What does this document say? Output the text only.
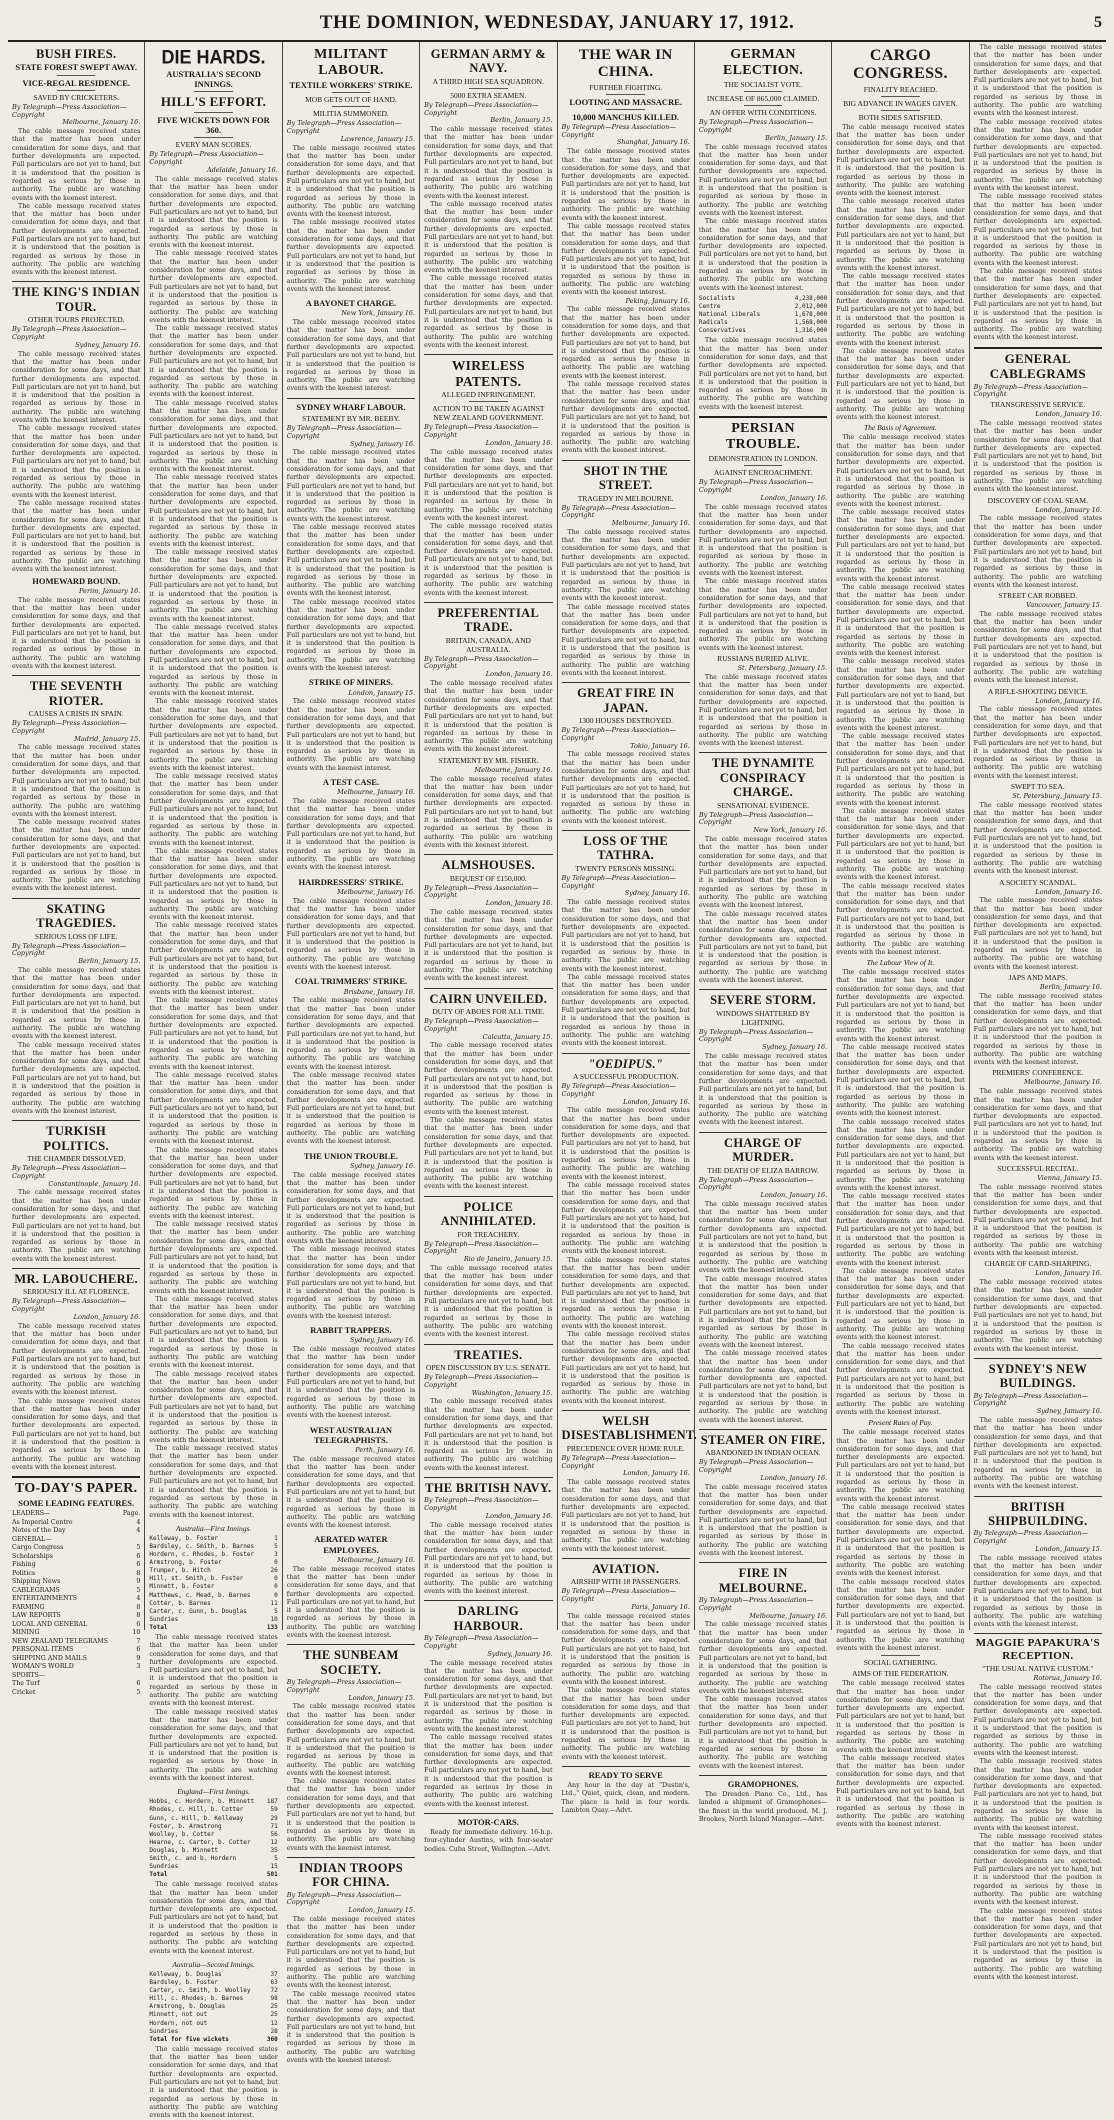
THE DOMINION, WEDNESDAY, JANUARY 17, 1912.	5
BUSH FIRES.
STATE FOREST SWEPT AWAY.
VICE-REGAL RESIDENCE.
SAVED BY CRICKETERS.
By Telegraph—Press Association—Copyright
Melbourne, January 16.

The cable message received states that the matter has been under consideration for some days, and that further developments are expected. Full particulars are not yet to hand, but it is understood that the position is regarded as serious by those in authority. The public are watching events with the keenest interest.

The cable message received states that the matter has been under consideration for some days, and that further developments are expected. Full particulars are not yet to hand, but it is understood that the position is regarded as serious by those in authority. The public are watching events with the keenest interest.

THE KING'S INDIAN TOUR.
OTHER TOURS PROJECTED.
By Telegraph—Press Association—Copyright
Sydney, January 16.

The cable message received states that the matter has been under consideration for some days, and that further developments are expected. Full particulars are not yet to hand, but it is understood that the position is regarded as serious by those in authority. The public are watching events with the keenest interest.

The cable message received states that the matter has been under consideration for some days, and that further developments are expected. Full particulars are not yet to hand, but it is understood that the position is regarded as serious by those in authority. The public are watching events with the keenest interest.

The cable message received states that the matter has been under consideration for some days, and that further developments are expected. Full particulars are not yet to hand, but it is understood that the position is regarded as serious by those in authority. The public are watching events with the keenest interest.

HOMEWARD BOUND.
Perim, January 16.

The cable message received states that the matter has been under consideration for some days, and that further developments are expected. Full particulars are not yet to hand, but it is understood that the position is regarded as serious by those in authority. The public are watching events with the keenest interest.

THE SEVENTH RIOTER.
CAUSES A CRISIS IN SPAIN.
By Telegraph—Press Association—Copyright
Madrid, January 15.

The cable message received states that the matter has been under consideration for some days, and that further developments are expected. Full particulars are not yet to hand, but it is understood that the position is regarded as serious by those in authority. The public are watching events with the keenest interest.

The cable message received states that the matter has been under consideration for some days, and that further developments are expected. Full particulars are not yet to hand, but it is understood that the position is regarded as serious by those in authority. The public are watching events with the keenest interest.

SKATING TRAGEDIES.
SERIOUS LOSS OF LIFE.
By Telegraph—Press Association—Copyright
Berlin, January 15.

The cable message received states that the matter has been under consideration for some days, and that further developments are expected. Full particulars are not yet to hand, but it is understood that the position is regarded as serious by those in authority. The public are watching events with the keenest interest.

The cable message received states that the matter has been under consideration for some days, and that further developments are expected. Full particulars are not yet to hand, but it is understood that the position is regarded as serious by those in authority. The public are watching events with the keenest interest.

TURKISH POLITICS.
THE CHAMBER DISSOLVED.
By Telegraph—Press Association—Copyright
Constantinople, January 16.

The cable message received states that the matter has been under consideration for some days, and that further developments are expected. Full particulars are not yet to hand, but it is understood that the position is regarded as serious by those in authority. The public are watching events with the keenest interest.

MR. LABOUCHERE.
SERIOUSLY ILL AT FLORENCE.
By Telegraph—Press Association—Copyright
London, January 16.

The cable message received states that the matter has been under consideration for some days, and that further developments are expected. Full particulars are not yet to hand, but it is understood that the position is regarded as serious by those in authority. The public are watching events with the keenest interest.

The cable message received states that the matter has been under consideration for some days, and that further developments are expected. Full particulars are not yet to hand, but it is understood that the position is regarded as serious by those in authority. The public are watching events with the keenest interest.

TO-DAY'S PAPER.
SOME LEADING FEATURES.
LEADERS—	Page.
As Imperial Centre	4
Notes of the Day	4
GENERAL—
Cargo Congress	5
Scholarships	6
Fishing	6
Politics	8
Shipping News	9
CABLEGRAMS	5
ENTERTAINMENTS	4
FARMING	8
LAW REPORTS	8
LOCAL AND GENERAL	6
MINING	10
NEW ZEALAND TELEGRAMS	7
PERSONAL ITEMS	6
SHIPPING AND MAILS	9
WOMAN'S WORLD	3
SPORTS—
The Turf	6
Cricket	5
DIE HARDS.
AUSTRALIA'S SECOND INNINGS.
HILL'S EFFORT.
FIVE WICKETS DOWN FOR 360.
EVERY MAN SCORES.
By Telegraph—Press Association—Copyright
Adelaide, January 16.

The cable message received states that the matter has been under consideration for some days, and that further developments are expected. Full particulars are not yet to hand, but it is understood that the position is regarded as serious by those in authority. The public are watching events with the keenest interest.

The cable message received states that the matter has been under consideration for some days, and that further developments are expected. Full particulars are not yet to hand, but it is understood that the position is regarded as serious by those in authority. The public are watching events with the keenest interest.

The cable message received states that the matter has been under consideration for some days, and that further developments are expected. Full particulars are not yet to hand, but it is understood that the position is regarded as serious by those in authority. The public are watching events with the keenest interest.

The cable message received states that the matter has been under consideration for some days, and that further developments are expected. Full particulars are not yet to hand, but it is understood that the position is regarded as serious by those in authority. The public are watching events with the keenest interest.

The cable message received states that the matter has been under consideration for some days, and that further developments are expected. Full particulars are not yet to hand, but it is understood that the position is regarded as serious by those in authority. The public are watching events with the keenest interest.

The cable message received states that the matter has been under consideration for some days, and that further developments are expected. Full particulars are not yet to hand, but it is understood that the position is regarded as serious by those in authority. The public are watching events with the keenest interest.

The cable message received states that the matter has been under consideration for some days, and that further developments are expected. Full particulars are not yet to hand, but it is understood that the position is regarded as serious by those in authority. The public are watching events with the keenest interest.

The cable message received states that the matter has been under consideration for some days, and that further developments are expected. Full particulars are not yet to hand, but it is understood that the position is regarded as serious by those in authority. The public are watching events with the keenest interest.

The cable message received states that the matter has been under consideration for some days, and that further developments are expected. Full particulars are not yet to hand, but it is understood that the position is regarded as serious by those in authority. The public are watching events with the keenest interest.

The cable message received states that the matter has been under consideration for some days, and that further developments are expected. Full particulars are not yet to hand, but it is understood that the position is regarded as serious by those in authority. The public are watching events with the keenest interest.

The cable message received states that the matter has been under consideration for some days, and that further developments are expected. Full particulars are not yet to hand, but it is understood that the position is regarded as serious by those in authority. The public are watching events with the keenest interest.

The cable message received states that the matter has been under consideration for some days, and that further developments are expected. Full particulars are not yet to hand, but it is understood that the position is regarded as serious by those in authority. The public are watching events with the keenest interest.

The cable message received states that the matter has been under consideration for some days, and that further developments are expected. Full particulars are not yet to hand, but it is understood that the position is regarded as serious by those in authority. The public are watching events with the keenest interest.

The cable message received states that the matter has been under consideration for some days, and that further developments are expected. Full particulars are not yet to hand, but it is understood that the position is regarded as serious by those in authority. The public are watching events with the keenest interest.

The cable message received states that the matter has been under consideration for some days, and that further developments are expected. Full particulars are not yet to hand, but it is understood that the position is regarded as serious by those in authority. The public are watching events with the keenest interest.

The cable message received states that the matter has been under consideration for some days, and that further developments are expected. Full particulars are not yet to hand, but it is understood that the position is regarded as serious by those in authority. The public are watching events with the keenest interest.

The cable message received states that the matter has been under consideration for some days, and that further developments are expected. Full particulars are not yet to hand, but it is understood that the position is regarded as serious by those in authority. The public are watching events with the keenest interest.

The cable message received states that the matter has been under consideration for some days, and that further developments are expected. Full particulars are not yet to hand, but it is understood that the position is regarded as serious by those in authority. The public are watching events with the keenest interest.

Australia—First Innings.
Kelleway, b. Foster	1
Bardsley, c. Smith, b. Barnes	5
Hordern, c. Rhodes, b. Foster	3
Armstrong, b. Foster	0
Trumper, b. Hitch	26
Hill, st. Smith, b. Foster	0
Minnett, b. Foster	0
Matthews, c. Mead, b. Barnes	0
Cotter, b. Barnes	11
Carter, c. Gunn, b. Douglas	5
Sundries	10
Total	133

The cable message received states that the matter has been under consideration for some days, and that further developments are expected. Full particulars are not yet to hand, but it is understood that the position is regarded as serious by those in authority. The public are watching events with the keenest interest.

The cable message received states that the matter has been under consideration for some days, and that further developments are expected. Full particulars are not yet to hand, but it is understood that the position is regarded as serious by those in authority. The public are watching events with the keenest interest.

England—First Innings.
Hobbs, c. Hordern, b. Minnett 187
Rhodes, c. Hill, b. Cotter	59
Gunn, c. Hill, b. Kelleway	29
Foster, b. Armstrong	71
Woolley, b. Cotter	56
Hearne, c. Carter, b. Cotter	12
Douglas, b. Minnett	35
Smith, c. and b. Hordern	5
Sundries	15
Total	501

The cable message received states that the matter has been under consideration for some days, and that further developments are expected. Full particulars are not yet to hand, but it is understood that the position is regarded as serious by those in authority. The public are watching events with the keenest interest.

Australia—Second Innings.
Kelleway, b. Douglas	37
Bardsley, b. Foster	63
Carter, c. Smith, b. Woolley	72
Hill, c. Rhodes, b. Barnes	98
Armstrong, b. Douglas	25
Minnett, not out	25
Hordern, not out	12
Sundries	28
Total for five wickets	360

The cable message received states that the matter has been under consideration for some days, and that further developments are expected. Full particulars are not yet to hand, but it is understood that the position is regarded as serious by those in authority. The public are watching events with the keenest interest.

MILITANT LABOUR.
TEXTILE WORKERS' STRIKE.
MOB GETS OUT OF HAND.
MILITIA SUMMONED.
By Telegraph—Press Association—Copyright
Lawrence, January 15.

The cable message received states that the matter has been under consideration for some days, and that further developments are expected. Full particulars are not yet to hand, but it is understood that the position is regarded as serious by those in authority. The public are watching events with the keenest interest.

The cable message received states that the matter has been under consideration for some days, and that further developments are expected. Full particulars are not yet to hand, but it is understood that the position is regarded as serious by those in authority. The public are watching events with the keenest interest.

A BAYONET CHARGE.
New York, January 16.

The cable message received states that the matter has been under consideration for some days, and that further developments are expected. Full particulars are not yet to hand, but it is understood that the position is regarded as serious by those in authority. The public are watching events with the keenest interest.

SYDNEY WHARF LABOUR.
STATEMENT BY MR. BEEBY.
By Telegraph—Press Association—Copyright
Sydney, January 16.

The cable message received states that the matter has been under consideration for some days, and that further developments are expected. Full particulars are not yet to hand, but it is understood that the position is regarded as serious by those in authority. The public are watching events with the keenest interest.

The cable message received states that the matter has been under consideration for some days, and that further developments are expected. Full particulars are not yet to hand, but it is understood that the position is regarded as serious by those in authority. The public are watching events with the keenest interest.

The cable message received states that the matter has been under consideration for some days, and that further developments are expected. Full particulars are not yet to hand, but it is understood that the position is regarded as serious by those in authority. The public are watching events with the keenest interest.

STRIKE OF MINERS.
London, January 15.

The cable message received states that the matter has been under consideration for some days, and that further developments are expected. Full particulars are not yet to hand, but it is understood that the position is regarded as serious by those in authority. The public are watching events with the keenest interest.

A TEST CASE.
Melbourne, January 16.

The cable message received states that the matter has been under consideration for some days, and that further developments are expected. Full particulars are not yet to hand, but it is understood that the position is regarded as serious by those in authority. The public are watching events with the keenest interest.

HAIRDRESSERS' STRIKE.
Melbourne, January 16.

The cable message received states that the matter has been under consideration for some days, and that further developments are expected. Full particulars are not yet to hand, but it is understood that the position is regarded as serious by those in authority. The public are watching events with the keenest interest.

COAL TRIMMERS' STRIKE.
Brisbane, January 16.

The cable message received states that the matter has been under consideration for some days, and that further developments are expected. Full particulars are not yet to hand, but it is understood that the position is regarded as serious by those in authority. The public are watching events with the keenest interest.

The cable message received states that the matter has been under consideration for some days, and that further developments are expected. Full particulars are not yet to hand, but it is understood that the position is regarded as serious by those in authority. The public are watching events with the keenest interest.

THE UNION TROUBLE.
Sydney, January 16.

The cable message received states that the matter has been under consideration for some days, and that further developments are expected. Full particulars are not yet to hand, but it is understood that the position is regarded as serious by those in authority. The public are watching events with the keenest interest.

The cable message received states that the matter has been under consideration for some days, and that further developments are expected. Full particulars are not yet to hand, but it is understood that the position is regarded as serious by those in authority. The public are watching events with the keenest interest.

RABBIT TRAPPERS.
Sydney, January 16.

The cable message received states that the matter has been under consideration for some days, and that further developments are expected. Full particulars are not yet to hand, but it is understood that the position is regarded as serious by those in authority. The public are watching events with the keenest interest.

WEST AUSTRALIAN TELEGRAPHISTS.
Perth, January 16.

The cable message received states that the matter has been under consideration for some days, and that further developments are expected. Full particulars are not yet to hand, but it is understood that the position is regarded as serious by those in authority. The public are watching events with the keenest interest.

AERATED WATER EMPLOYEES.
Melbourne, January 16.

The cable message received states that the matter has been under consideration for some days, and that further developments are expected. Full particulars are not yet to hand, but it is understood that the position is regarded as serious by those in authority. The public are watching events with the keenest interest.

THE SUNBEAM SOCIETY.
By Telegraph—Press Association—Copyright
London, January 15.

The cable message received states that the matter has been under consideration for some days, and that further developments are expected. Full particulars are not yet to hand, but it is understood that the position is regarded as serious by those in authority. The public are watching events with the keenest interest.

The cable message received states that the matter has been under consideration for some days, and that further developments are expected. Full particulars are not yet to hand, but it is understood that the position is regarded as serious by those in authority. The public are watching events with the keenest interest.

INDIAN TROOPS FOR CHINA.
By Telegraph—Press Association—Copyright
London, January 15.

The cable message received states that the matter has been under consideration for some days, and that further developments are expected. Full particulars are not yet to hand, but it is understood that the position is regarded as serious by those in authority. The public are watching events with the keenest interest.

The cable message received states that the matter has been under consideration for some days, and that further developments are expected. Full particulars are not yet to hand, but it is understood that the position is regarded as serious by those in authority. The public are watching events with the keenest interest.

GERMAN ARMY & NAVY.
A THIRD HIGH SEA SQUADRON.
5000 EXTRA SEAMEN.
By Telegraph—Press Association—Copyright
Berlin, January 15.

The cable message received states that the matter has been under consideration for some days, and that further developments are expected. Full particulars are not yet to hand, but it is understood that the position is regarded as serious by those in authority. The public are watching events with the keenest interest.

The cable message received states that the matter has been under consideration for some days, and that further developments are expected. Full particulars are not yet to hand, but it is understood that the position is regarded as serious by those in authority. The public are watching events with the keenest interest.

The cable message received states that the matter has been under consideration for some days, and that further developments are expected. Full particulars are not yet to hand, but it is understood that the position is regarded as serious by those in authority. The public are watching events with the keenest interest.

WIRELESS PATENTS.
ALLEGED INFRINGEMENT.
ACTION TO BE TAKEN AGAINST NEW ZEALAND GOVERNMENT.
By Telegraph—Press Association—Copyright
London, January 16.

The cable message received states that the matter has been under consideration for some days, and that further developments are expected. Full particulars are not yet to hand, but it is understood that the position is regarded as serious by those in authority. The public are watching events with the keenest interest.

The cable message received states that the matter has been under consideration for some days, and that further developments are expected. Full particulars are not yet to hand, but it is understood that the position is regarded as serious by those in authority. The public are watching events with the keenest interest.

PREFERENTIAL TRADE.
BRITAIN, CANADA, AND AUSTRALIA.
By Telegraph—Press Association—Copyright
London, January 16.

The cable message received states that the matter has been under consideration for some days, and that further developments are expected. Full particulars are not yet to hand, but it is understood that the position is regarded as serious by those in authority. The public are watching events with the keenest interest.

STATEMENT BY MR. FISHER.
Melbourne, January 16.

The cable message received states that the matter has been under consideration for some days, and that further developments are expected. Full particulars are not yet to hand, but it is understood that the position is regarded as serious by those in authority. The public are watching events with the keenest interest.

ALMSHOUSES.
BEQUEST OF £150,000.
By Telegraph—Press Association—Copyright
London, January 16.

The cable message received states that the matter has been under consideration for some days, and that further developments are expected. Full particulars are not yet to hand, but it is understood that the position is regarded as serious by those in authority. The public are watching events with the keenest interest.

CAIRN UNVEILED.
DUTY OF ABOES FOR ALL TIME.
By Telegraph—Press Association—Copyright
Calcutta, January 15.

The cable message received states that the matter has been under consideration for some days, and that further developments are expected. Full particulars are not yet to hand, but it is understood that the position is regarded as serious by those in authority. The public are watching events with the keenest interest.

The cable message received states that the matter has been under consideration for some days, and that further developments are expected. Full particulars are not yet to hand, but it is understood that the position is regarded as serious by those in authority. The public are watching events with the keenest interest.

POLICE ANNIHILATED.
FOR TREACHERY.
By Telegraph—Press Association—Copyright
Rio de Janeiro, January 15.

The cable message received states that the matter has been under consideration for some days, and that further developments are expected. Full particulars are not yet to hand, but it is understood that the position is regarded as serious by those in authority. The public are watching events with the keenest interest.

TREATIES.
OPEN DISCUSSION BY U.S. SENATE.
By Telegraph—Press Association—Copyright
Washington, January 15.

The cable message received states that the matter has been under consideration for some days, and that further developments are expected. Full particulars are not yet to hand, but it is understood that the position is regarded as serious by those in authority. The public are watching events with the keenest interest.

THE BRITISH NAVY.
By Telegraph—Press Association—Copyright
London, January 16.

The cable message received states that the matter has been under consideration for some days, and that further developments are expected. Full particulars are not yet to hand, but it is understood that the position is regarded as serious by those in authority. The public are watching events with the keenest interest.

DARLING HARBOUR.
By Telegraph—Press Association—Copyright
Sydney, January 16.

The cable message received states that the matter has been under consideration for some days, and that further developments are expected. Full particulars are not yet to hand, but it is understood that the position is regarded as serious by those in authority. The public are watching events with the keenest interest.

The cable message received states that the matter has been under consideration for some days, and that further developments are expected. Full particulars are not yet to hand, but it is understood that the position is regarded as serious by those in authority. The public are watching events with the keenest interest.

MOTOR-CARS.

Ready for immediate delivery. 16-h.p. four-cylinder Austins, with four-seater bodies. Cuba Street, Wellington.—Advt.

THE WAR IN CHINA.
FURTHER FIGHTING.
LOOTING AND MASSACRE.
10,000 MANCHUS KILLED.
By Telegraph—Press Association—Copyright
Shanghai, January 16.

The cable message received states that the matter has been under consideration for some days, and that further developments are expected. Full particulars are not yet to hand, but it is understood that the position is regarded as serious by those in authority. The public are watching events with the keenest interest.

The cable message received states that the matter has been under consideration for some days, and that further developments are expected. Full particulars are not yet to hand, but it is understood that the position is regarded as serious by those in authority. The public are watching events with the keenest interest.

Peking, January 16.

The cable message received states that the matter has been under consideration for some days, and that further developments are expected. Full particulars are not yet to hand, but it is understood that the position is regarded as serious by those in authority. The public are watching events with the keenest interest.

The cable message received states that the matter has been under consideration for some days, and that further developments are expected. Full particulars are not yet to hand, but it is understood that the position is regarded as serious by those in authority. The public are watching events with the keenest interest.

SHOT IN THE STREET.
TRAGEDY IN MELBOURNE.
By Telegraph—Press Association—Copyright
Melbourne, January 16.

The cable message received states that the matter has been under consideration for some days, and that further developments are expected. Full particulars are not yet to hand, but it is understood that the position is regarded as serious by those in authority. The public are watching events with the keenest interest.

The cable message received states that the matter has been under consideration for some days, and that further developments are expected. Full particulars are not yet to hand, but it is understood that the position is regarded as serious by those in authority. The public are watching events with the keenest interest.

GREAT FIRE IN JAPAN.
1300 HOUSES DESTROYED.
By Telegraph—Press Association—Copyright
Tokio, January 16.

The cable message received states that the matter has been under consideration for some days, and that further developments are expected. Full particulars are not yet to hand, but it is understood that the position is regarded as serious by those in authority. The public are watching events with the keenest interest.

LOSS OF THE TATHRA.
TWENTY PERSONS MISSING.
By Telegraph—Press Association—Copyright
Sydney, January 16.

The cable message received states that the matter has been under consideration for some days, and that further developments are expected. Full particulars are not yet to hand, but it is understood that the position is regarded as serious by those in authority. The public are watching events with the keenest interest.

The cable message received states that the matter has been under consideration for some days, and that further developments are expected. Full particulars are not yet to hand, but it is understood that the position is regarded as serious by those in authority. The public are watching events with the keenest interest.

"OEDIPUS."
A SUCCESSFUL PRODUCTION.
By Telegraph—Press Association—Copyright
London, January 16.

The cable message received states that the matter has been under consideration for some days, and that further developments are expected. Full particulars are not yet to hand, but it is understood that the position is regarded as serious by those in authority. The public are watching events with the keenest interest.

The cable message received states that the matter has been under consideration for some days, and that further developments are expected. Full particulars are not yet to hand, but it is understood that the position is regarded as serious by those in authority. The public are watching events with the keenest interest.

The cable message received states that the matter has been under consideration for some days, and that further developments are expected. Full particulars are not yet to hand, but it is understood that the position is regarded as serious by those in authority. The public are watching events with the keenest interest.

The cable message received states that the matter has been under consideration for some days, and that further developments are expected. Full particulars are not yet to hand, but it is understood that the position is regarded as serious by those in authority. The public are watching events with the keenest interest.

WELSH DISESTABLISHMENT.
PRECEDENCE OVER HOME RULE.
By Telegraph—Press Association—Copyright
London, January 16.

The cable message received states that the matter has been under consideration for some days, and that further developments are expected. Full particulars are not yet to hand, but it is understood that the position is regarded as serious by those in authority. The public are watching events with the keenest interest.

AVIATION.
AIRSHIP WITH 18 PASSENGERS.
By Telegraph—Press Association—Copyright
Paris, January 16.

The cable message received states that the matter has been under consideration for some days, and that further developments are expected. Full particulars are not yet to hand, but it is understood that the position is regarded as serious by those in authority. The public are watching events with the keenest interest.

The cable message received states that the matter has been under consideration for some days, and that further developments are expected. Full particulars are not yet to hand, but it is understood that the position is regarded as serious by those in authority. The public are watching events with the keenest interest.

READY TO SERVE

Any hour in the day at "Dustin's, Ltd.," Quiet, quick, clean, and modern. The place is held in four words. Lambton Quay.—Advt.

GERMAN ELECTION.
THE SOCIALIST VOTE.
INCREASE OF 865,000 CLAIMED.
AN OFFER WITH CONDITIONS.
By Telegraph—Press Association—Copyright
Berlin, January 15.

The cable message received states that the matter has been under consideration for some days, and that further developments are expected. Full particulars are not yet to hand, but it is understood that the position is regarded as serious by those in authority. The public are watching events with the keenest interest.

The cable message received states that the matter has been under consideration for some days, and that further developments are expected. Full particulars are not yet to hand, but it is understood that the position is regarded as serious by those in authority. The public are watching events with the keenest interest.

Socialists	4,238,000
Centre	2,012,000
National Liberals	1,678,000
Radicals	1,568,000
Conservatives	1,316,000

The cable message received states that the matter has been under consideration for some days, and that further developments are expected. Full particulars are not yet to hand, but it is understood that the position is regarded as serious by those in authority. The public are watching events with the keenest interest.

PERSIAN TROUBLE.
DEMONSTRATION IN LONDON.
AGAINST ENCROACHMENT.
By Telegraph—Press Association—Copyright
London, January 16.

The cable message received states that the matter has been under consideration for some days, and that further developments are expected. Full particulars are not yet to hand, but it is understood that the position is regarded as serious by those in authority. The public are watching events with the keenest interest.

The cable message received states that the matter has been under consideration for some days, and that further developments are expected. Full particulars are not yet to hand, but it is understood that the position is regarded as serious by those in authority. The public are watching events with the keenest interest.

RUSSIANS BURIED ALIVE.
St. Petersburg, January 15.

The cable message received states that the matter has been under consideration for some days, and that further developments are expected. Full particulars are not yet to hand, but it is understood that the position is regarded as serious by those in authority. The public are watching events with the keenest interest.

THE DYNAMITE CONSPIRACY CHARGE.
SENSATIONAL EVIDENCE.
By Telegraph—Press Association—Copyright
New York, January 16.

The cable message received states that the matter has been under consideration for some days, and that further developments are expected. Full particulars are not yet to hand, but it is understood that the position is regarded as serious by those in authority. The public are watching events with the keenest interest.

The cable message received states that the matter has been under consideration for some days, and that further developments are expected. Full particulars are not yet to hand, but it is understood that the position is regarded as serious by those in authority. The public are watching events with the keenest interest.

SEVERE STORM.
WINDOWS SHATTERED BY LIGHTNING.
By Telegraph—Press Association—Copyright
Sydney, January 16.

The cable message received states that the matter has been under consideration for some days, and that further developments are expected. Full particulars are not yet to hand, but it is understood that the position is regarded as serious by those in authority. The public are watching events with the keenest interest.

CHARGE OF MURDER.
THE DEATH OF ELIZA BARROW.
By Telegraph—Press Association—Copyright
London, January 16.

The cable message received states that the matter has been under consideration for some days, and that further developments are expected. Full particulars are not yet to hand, but it is understood that the position is regarded as serious by those in authority. The public are watching events with the keenest interest.

The cable message received states that the matter has been under consideration for some days, and that further developments are expected. Full particulars are not yet to hand, but it is understood that the position is regarded as serious by those in authority. The public are watching events with the keenest interest.

The cable message received states that the matter has been under consideration for some days, and that further developments are expected. Full particulars are not yet to hand, but it is understood that the position is regarded as serious by those in authority. The public are watching events with the keenest interest.

STEAMER ON FIRE.
ABANDONED IN INDIAN OCEAN.
By Telegraph—Press Association—Copyright
London, January 16.

The cable message received states that the matter has been under consideration for some days, and that further developments are expected. Full particulars are not yet to hand, but it is understood that the position is regarded as serious by those in authority. The public are watching events with the keenest interest.

FIRE IN MELBOURNE.
By Telegraph—Press Association—Copyright
Melbourne, January 16.

The cable message received states that the matter has been under consideration for some days, and that further developments are expected. Full particulars are not yet to hand, but it is understood that the position is regarded as serious by those in authority. The public are watching events with the keenest interest.

The cable message received states that the matter has been under consideration for some days, and that further developments are expected. Full particulars are not yet to hand, but it is understood that the position is regarded as serious by those in authority. The public are watching events with the keenest interest.

GRAMOPHONES.

The Dresden Piano Co., Ltd., has landed a shipment of Gramophones—the finest in the world produced. M. J. Brookes, North Island Manager.—Advt.

CARGO CONGRESS.
FINALITY REACHED.
BIG ADVANCE IN WAGES GIVEN.
BOTH SIDES SATISFIED.

The cable message received states that the matter has been under consideration for some days, and that further developments are expected. Full particulars are not yet to hand, but it is understood that the position is regarded as serious by those in authority. The public are watching events with the keenest interest.

The cable message received states that the matter has been under consideration for some days, and that further developments are expected. Full particulars are not yet to hand, but it is understood that the position is regarded as serious by those in authority. The public are watching events with the keenest interest.

The cable message received states that the matter has been under consideration for some days, and that further developments are expected. Full particulars are not yet to hand, but it is understood that the position is regarded as serious by those in authority. The public are watching events with the keenest interest.

The cable message received states that the matter has been under consideration for some days, and that further developments are expected. Full particulars are not yet to hand, but it is understood that the position is regarded as serious by those in authority. The public are watching events with the keenest interest.

The Basis of Agreement.

The cable message received states that the matter has been under consideration for some days, and that further developments are expected. Full particulars are not yet to hand, but it is understood that the position is regarded as serious by those in authority. The public are watching events with the keenest interest.

The cable message received states that the matter has been under consideration for some days, and that further developments are expected. Full particulars are not yet to hand, but it is understood that the position is regarded as serious by those in authority. The public are watching events with the keenest interest.

The cable message received states that the matter has been under consideration for some days, and that further developments are expected. Full particulars are not yet to hand, but it is understood that the position is regarded as serious by those in authority. The public are watching events with the keenest interest.

The cable message received states that the matter has been under consideration for some days, and that further developments are expected. Full particulars are not yet to hand, but it is understood that the position is regarded as serious by those in authority. The public are watching events with the keenest interest.

The cable message received states that the matter has been under consideration for some days, and that further developments are expected. Full particulars are not yet to hand, but it is understood that the position is regarded as serious by those in authority. The public are watching events with the keenest interest.

The cable message received states that the matter has been under consideration for some days, and that further developments are expected. Full particulars are not yet to hand, but it is understood that the position is regarded as serious by those in authority. The public are watching events with the keenest interest.

The cable message received states that the matter has been under consideration for some days, and that further developments are expected. Full particulars are not yet to hand, but it is understood that the position is regarded as serious by those in authority. The public are watching events with the keenest interest.

The Labour View of It.

The cable message received states that the matter has been under consideration for some days, and that further developments are expected. Full particulars are not yet to hand, but it is understood that the position is regarded as serious by those in authority. The public are watching events with the keenest interest.

The cable message received states that the matter has been under consideration for some days, and that further developments are expected. Full particulars are not yet to hand, but it is understood that the position is regarded as serious by those in authority. The public are watching events with the keenest interest.

The cable message received states that the matter has been under consideration for some days, and that further developments are expected. Full particulars are not yet to hand, but it is understood that the position is regarded as serious by those in authority. The public are watching events with the keenest interest.

The cable message received states that the matter has been under consideration for some days, and that further developments are expected. Full particulars are not yet to hand, but it is understood that the position is regarded as serious by those in authority. The public are watching events with the keenest interest.

The cable message received states that the matter has been under consideration for some days, and that further developments are expected. Full particulars are not yet to hand, but it is understood that the position is regarded as serious by those in authority. The public are watching events with the keenest interest.

The cable message received states that the matter has been under consideration for some days, and that further developments are expected. Full particulars are not yet to hand, but it is understood that the position is regarded as serious by those in authority. The public are watching events with the keenest interest.

Present Rates of Pay.

The cable message received states that the matter has been under consideration for some days, and that further developments are expected. Full particulars are not yet to hand, but it is understood that the position is regarded as serious by those in authority. The public are watching events with the keenest interest.

The cable message received states that the matter has been under consideration for some days, and that further developments are expected. Full particulars are not yet to hand, but it is understood that the position is regarded as serious by those in authority. The public are watching events with the keenest interest.

The cable message received states that the matter has been under consideration for some days, and that further developments are expected. Full particulars are not yet to hand, but it is understood that the position is regarded as serious by those in authority. The public are watching events with the keenest interest.

SOCIAL GATHERING.
AIMS OF THE FEDERATION.

The cable message received states that the matter has been under consideration for some days, and that further developments are expected. Full particulars are not yet to hand, but it is understood that the position is regarded as serious by those in authority. The public are watching events with the keenest interest.

The cable message received states that the matter has been under consideration for some days, and that further developments are expected. Full particulars are not yet to hand, but it is understood that the position is regarded as serious by those in authority. The public are watching events with the keenest interest.

The cable message received states that the matter has been under consideration for some days, and that further developments are expected. Full particulars are not yet to hand, but it is understood that the position is regarded as serious by those in authority. The public are watching events with the keenest interest.

The cable message received states that the matter has been under consideration for some days, and that further developments are expected. Full particulars are not yet to hand, but it is understood that the position is regarded as serious by those in authority. The public are watching events with the keenest interest.

The cable message received states that the matter has been under consideration for some days, and that further developments are expected. Full particulars are not yet to hand, but it is understood that the position is regarded as serious by those in authority. The public are watching events with the keenest interest.

The cable message received states that the matter has been under consideration for some days, and that further developments are expected. Full particulars are not yet to hand, but it is understood that the position is regarded as serious by those in authority. The public are watching events with the keenest interest.

GENERAL CABLEGRAMS
By Telegraph—Press Association—Copyright
TRANSGRESSIVE SERVICE.
London, January 16.

The cable message received states that the matter has been under consideration for some days, and that further developments are expected. Full particulars are not yet to hand, but it is understood that the position is regarded as serious by those in authority. The public are watching events with the keenest interest.

DISCOVERY OF COAL SEAM.
London, January 16.

The cable message received states that the matter has been under consideration for some days, and that further developments are expected. Full particulars are not yet to hand, but it is understood that the position is regarded as serious by those in authority. The public are watching events with the keenest interest.

STREET CAR ROBBED.
Vancouver, January 15.

The cable message received states that the matter has been under consideration for some days, and that further developments are expected. Full particulars are not yet to hand, but it is understood that the position is regarded as serious by those in authority. The public are watching events with the keenest interest.

A RIFLE-SHOOTING DEVICE.
London, January 16.

The cable message received states that the matter has been under consideration for some days, and that further developments are expected. Full particulars are not yet to hand, but it is understood that the position is regarded as serious by those in authority. The public are watching events with the keenest interest.

SWEPT TO SEA.
St. Petersburg, January 15.

The cable message received states that the matter has been under consideration for some days, and that further developments are expected. Full particulars are not yet to hand, but it is understood that the position is regarded as serious by those in authority. The public are watching events with the keenest interest.

A SOCIETY SCANDAL.
London, January 16.

The cable message received states that the matter has been under consideration for some days, and that further developments are expected. Full particulars are not yet to hand, but it is understood that the position is regarded as serious by those in authority. The public are watching events with the keenest interest.

JAPS AND MAPS.
Berlin, January 16.

The cable message received states that the matter has been under consideration for some days, and that further developments are expected. Full particulars are not yet to hand, but it is understood that the position is regarded as serious by those in authority. The public are watching events with the keenest interest.

PREMIERS' CONFERENCE.
Melbourne, January 16.

The cable message received states that the matter has been under consideration for some days, and that further developments are expected. Full particulars are not yet to hand, but it is understood that the position is regarded as serious by those in authority. The public are watching events with the keenest interest.

SUCCESSFUL RECITAL.
Vienna, January 15.

The cable message received states that the matter has been under consideration for some days, and that further developments are expected. Full particulars are not yet to hand, but it is understood that the position is regarded as serious by those in authority. The public are watching events with the keenest interest.

CHARGE OF CARD-SHARPING.
London, January 16.

The cable message received states that the matter has been under consideration for some days, and that further developments are expected. Full particulars are not yet to hand, but it is understood that the position is regarded as serious by those in authority. The public are watching events with the keenest interest.

SYDNEY'S NEW BUILDINGS.
By Telegraph—Press Association—Copyright
Sydney, January 16.

The cable message received states that the matter has been under consideration for some days, and that further developments are expected. Full particulars are not yet to hand, but it is understood that the position is regarded as serious by those in authority. The public are watching events with the keenest interest.

BRITISH SHIPBUILDING.
By Telegraph—Press Association—Copyright
London, January 15.

The cable message received states that the matter has been under consideration for some days, and that further developments are expected. Full particulars are not yet to hand, but it is understood that the position is regarded as serious by those in authority. The public are watching events with the keenest interest.

MAGGIE PAPAKURA'S RECEPTION.
"THE USUAL NATIVE CUSTOM."
Rotorua, January 16.

The cable message received states that the matter has been under consideration for some days, and that further developments are expected. Full particulars are not yet to hand, but it is understood that the position is regarded as serious by those in authority. The public are watching events with the keenest interest.

The cable message received states that the matter has been under consideration for some days, and that further developments are expected. Full particulars are not yet to hand, but it is understood that the position is regarded as serious by those in authority. The public are watching events with the keenest interest.

The cable message received states that the matter has been under consideration for some days, and that further developments are expected. Full particulars are not yet to hand, but it is understood that the position is regarded as serious by those in authority. The public are watching events with the keenest interest.

The cable message received states that the matter has been under consideration for some days, and that further developments are expected. Full particulars are not yet to hand, but it is understood that the position is regarded as serious by those in authority. The public are watching events with the keenest interest.
